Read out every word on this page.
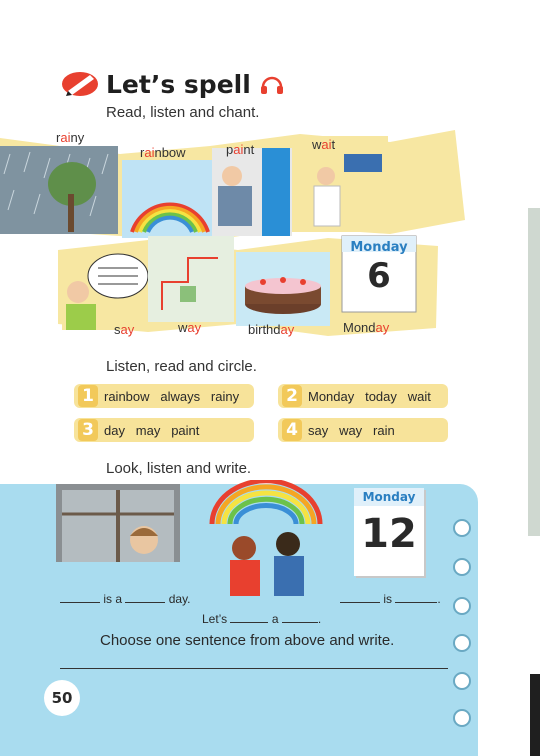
Let’s spell
Read, listen and chant.
rainy
rainbow	paint	wait
Monday
6
say	way	birthday	Monday
Listen, read and circle.
1 rainbow   always   rainy	2 Monday   today   wait
3 day   may   paint	4 say   way   rain
Look, listen and write.
Monday
12
is a	day.	is	.
Let’s	a	.
Choose one sentence from above and write.
50
